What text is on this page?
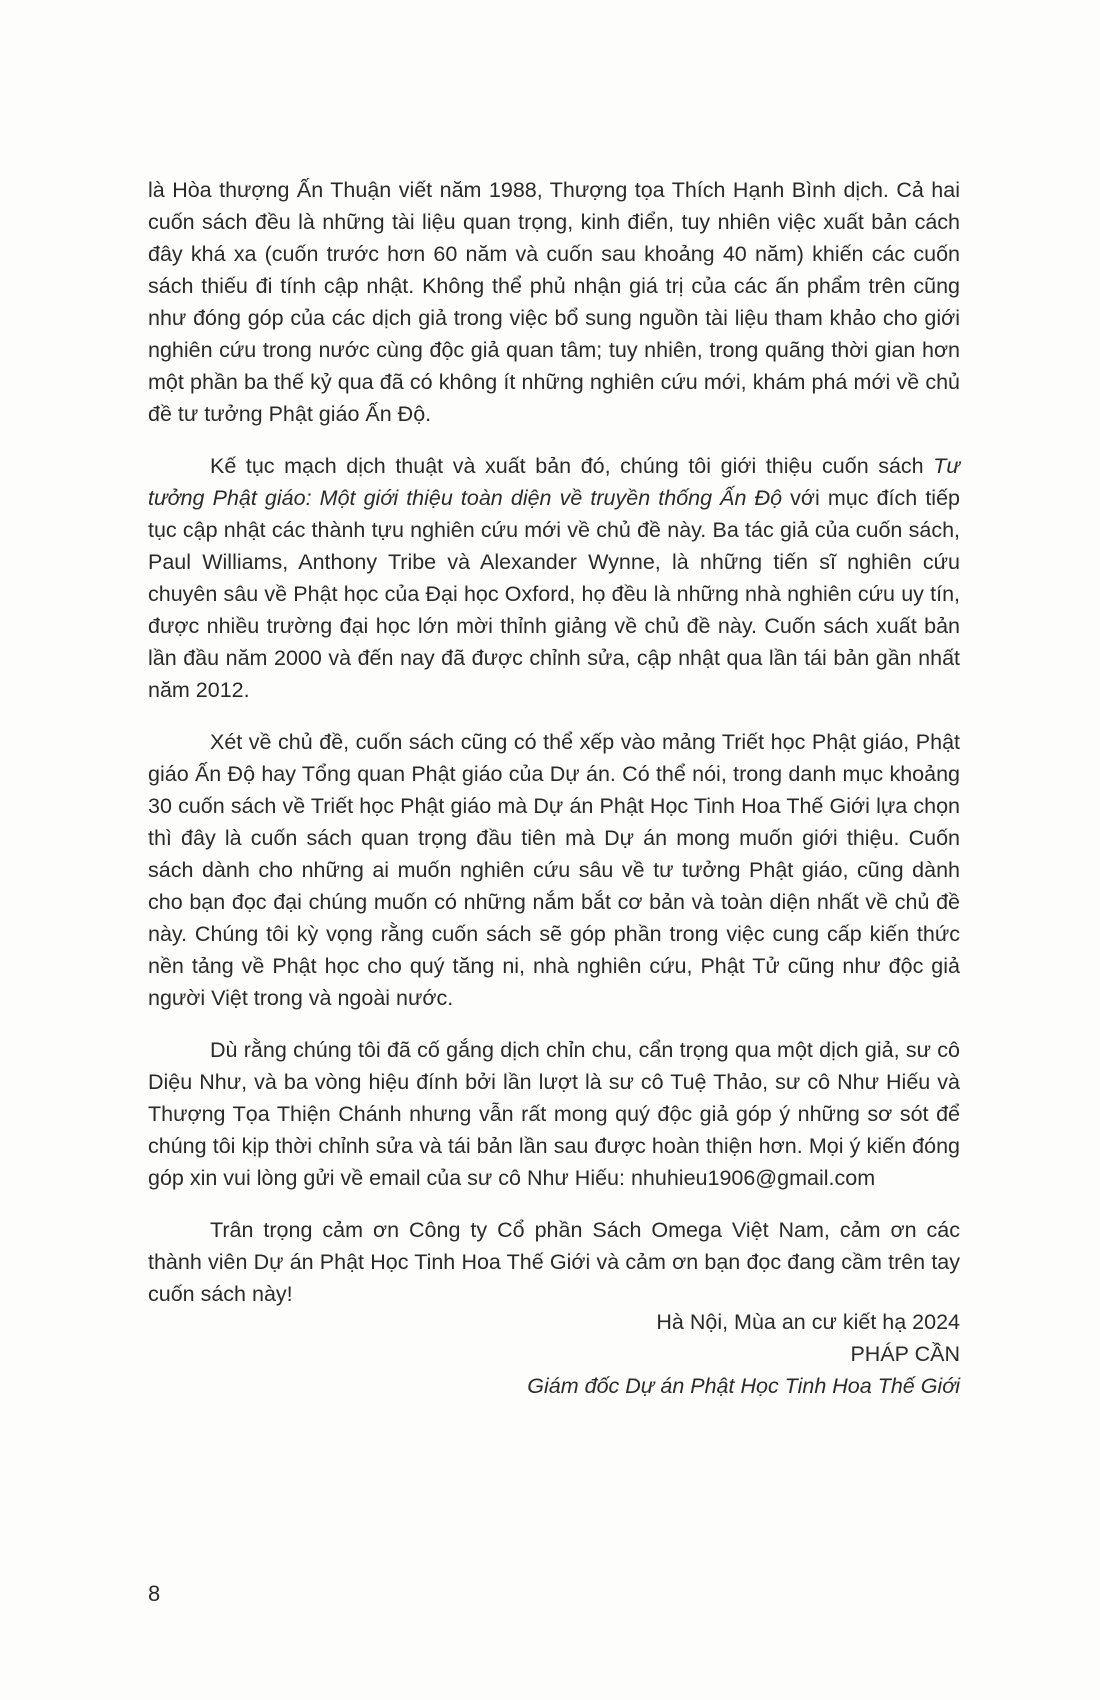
là Hòa thượng Ấn Thuận viết năm 1988, Thượng tọa Thích Hạnh Bình dịch. Cả hai cuốn sách đều là những tài liệu quan trọng, kinh điển, tuy nhiên việc xuất bản cách đây khá xa (cuốn trước hơn 60 năm và cuốn sau khoảng 40 năm) khiến các cuốn sách thiếu đi tính cập nhật. Không thể phủ nhận giá trị của các ấn phẩm trên cũng như đóng góp của các dịch giả trong việc bổ sung nguồn tài liệu tham khảo cho giới nghiên cứu trong nước cùng độc giả quan tâm; tuy nhiên, trong quãng thời gian hơn một phần ba thế kỷ qua đã có không ít những nghiên cứu mới, khám phá mới về chủ đề tư tưởng Phật giáo Ấn Độ.

Kế tục mạch dịch thuật và xuất bản đó, chúng tôi giới thiệu cuốn sách Tư tưởng Phật giáo: Một giới thiệu toàn diện về truyền thống Ấn Độ với mục đích tiếp tục cập nhật các thành tựu nghiên cứu mới về chủ đề này. Ba tác giả của cuốn sách, Paul Williams, Anthony Tribe và Alexander Wynne, là những tiến sĩ nghiên cứu chuyên sâu về Phật học của Đại học Oxford, họ đều là những nhà nghiên cứu uy tín, được nhiều trường đại học lớn mời thỉnh giảng về chủ đề này. Cuốn sách xuất bản lần đầu năm 2000 và đến nay đã được chỉnh sửa, cập nhật qua lần tái bản gần nhất năm 2012.

Xét về chủ đề, cuốn sách cũng có thể xếp vào mảng Triết học Phật giáo, Phật giáo Ấn Độ hay Tổng quan Phật giáo của Dự án. Có thể nói, trong danh mục khoảng 30 cuốn sách về Triết học Phật giáo mà Dự án Phật Học Tinh Hoa Thế Giới lựa chọn thì đây là cuốn sách quan trọng đầu tiên mà Dự án mong muốn giới thiệu. Cuốn sách dành cho những ai muốn nghiên cứu sâu về tư tưởng Phật giáo, cũng dành cho bạn đọc đại chúng muốn có những nắm bắt cơ bản và toàn diện nhất về chủ đề này. Chúng tôi kỳ vọng rằng cuốn sách sẽ góp phần trong việc cung cấp kiến thức nền tảng về Phật học cho quý tăng ni, nhà nghiên cứu, Phật Tử cũng như độc giả người Việt trong và ngoài nước.

Dù rằng chúng tôi đã cố gắng dịch chỉn chu, cẩn trọng qua một dịch giả, sư cô Diệu Như, và ba vòng hiệu đính bởi lần lượt là sư cô Tuệ Thảo, sư cô Như Hiếu và Thượng Tọa Thiện Chánh nhưng vẫn rất mong quý độc giả góp ý những sơ sót để chúng tôi kịp thời chỉnh sửa và tái bản lần sau được hoàn thiện hơn. Mọi ý kiến đóng góp xin vui lòng gửi về email của sư cô Như Hiếu: nhuhieu1906@gmail.com

Trân trọng cảm ơn Công ty Cổ phần Sách Omega Việt Nam, cảm ơn các thành viên Dự án Phật Học Tinh Hoa Thế Giới và cảm ơn bạn đọc đang cầm trên tay cuốn sách này!

Hà Nội, Mùa an cư kiết hạ 2024
PHÁP CẦN
Giám đốc Dự án Phật Học Tinh Hoa Thế Giới
8
